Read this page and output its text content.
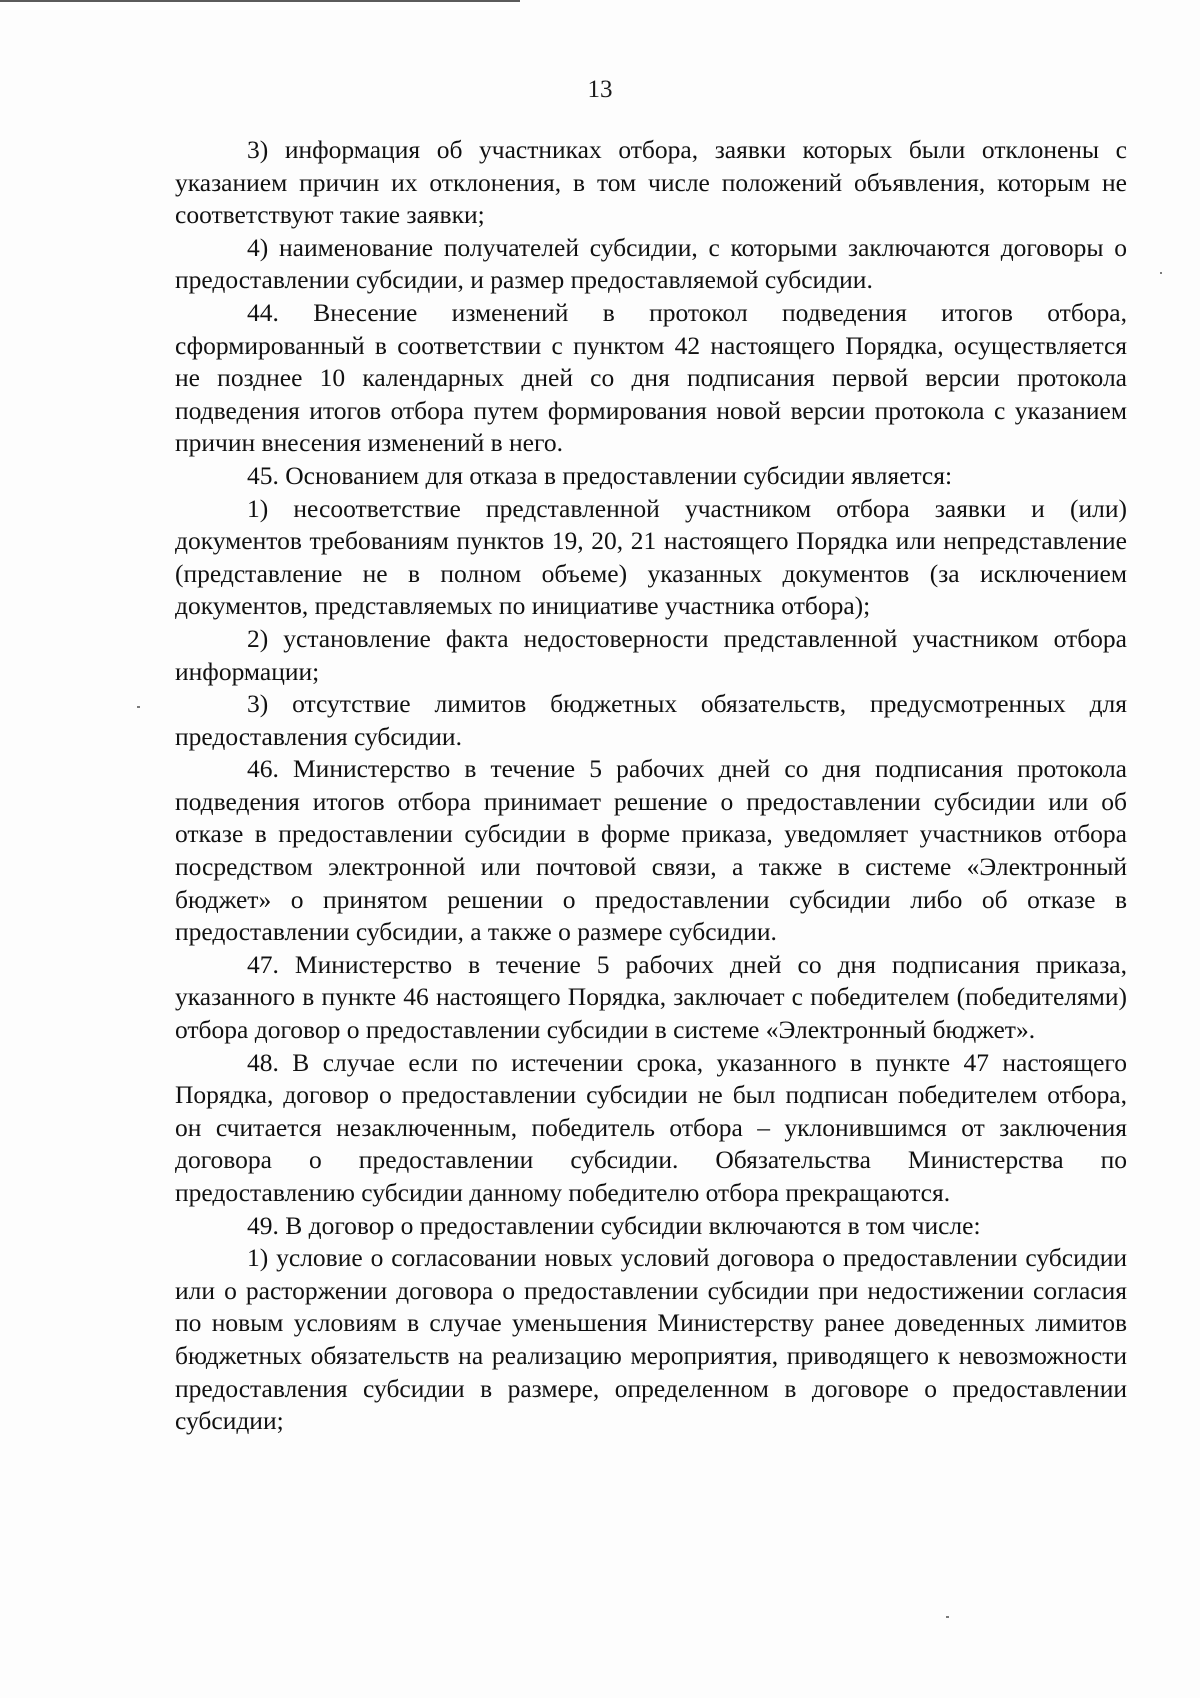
13

3) информация об участниках отбора, заявки которых были отклонены с указанием причин их отклонения, в том числе положений объявления, которым не соответствуют такие заявки;

4) наименование получателей субсидии, с которыми заключаются договоры о предоставлении субсидии, и размер предоставляемой субсидии.

44. Внесение изменений в протокол подведения итогов отбора, сформированный в соответствии с пунктом 42 настоящего Порядка, осуществляется не позднее 10 календарных дней со дня подписания первой версии протокола подведения итогов отбора путем формирования новой версии протокола с указанием причин внесения изменений в него.

45. Основанием для отказа в предоставлении субсидии является:

1) несоответствие представленной участником отбора заявки и (или) документов требованиям пунктов 19, 20, 21 настоящего Порядка или непредставление (представление не в полном объеме) указанных документов (за исключением документов, представляемых по инициативе участника отбора);

2) установление факта недостоверности представленной участником отбора информации;

3) отсутствие лимитов бюджетных обязательств, предусмотренных для предоставления субсидии.

46. Министерство в течение 5 рабочих дней со дня подписания протокола подведения итогов отбора принимает решение о предоставлении субсидии или об отказе в предоставлении субсидии в форме приказа, уведомляет участников отбора посредством электронной или почтовой связи, а также в системе «Электронный бюджет» о принятом решении о предоставлении субсидии либо об отказе в предоставлении субсидии, а также о размере субсидии.

47. Министерство в течение 5 рабочих дней со дня подписания приказа, указанного в пункте 46 настоящего Порядка, заключает с победителем (победителями) отбора договор о предоставлении субсидии в системе «Электронный бюджет».

48. В случае если по истечении срока, указанного в пункте 47 настоящего Порядка, договор о предоставлении субсидии не был подписан победителем отбора, он считается незаключенным, победитель отбора – уклонившимся от заключения договора о предоставлении субсидии. Обязательства Министерства по предоставлению субсидии данному победителю отбора прекращаются.

49. В договор о предоставлении субсидии включаются в том числе:

1) условие о согласовании новых условий договора о предоставлении субсидии или о расторжении договора о предоставлении субсидии при недостижении согласия по новым условиям в случае уменьшения Министерству ранее доведенных лимитов бюджетных обязательств на реализацию мероприятия, приводящего к невозможности предоставления субсидии в размере, определенном в договоре о предоставлении субсидии;
